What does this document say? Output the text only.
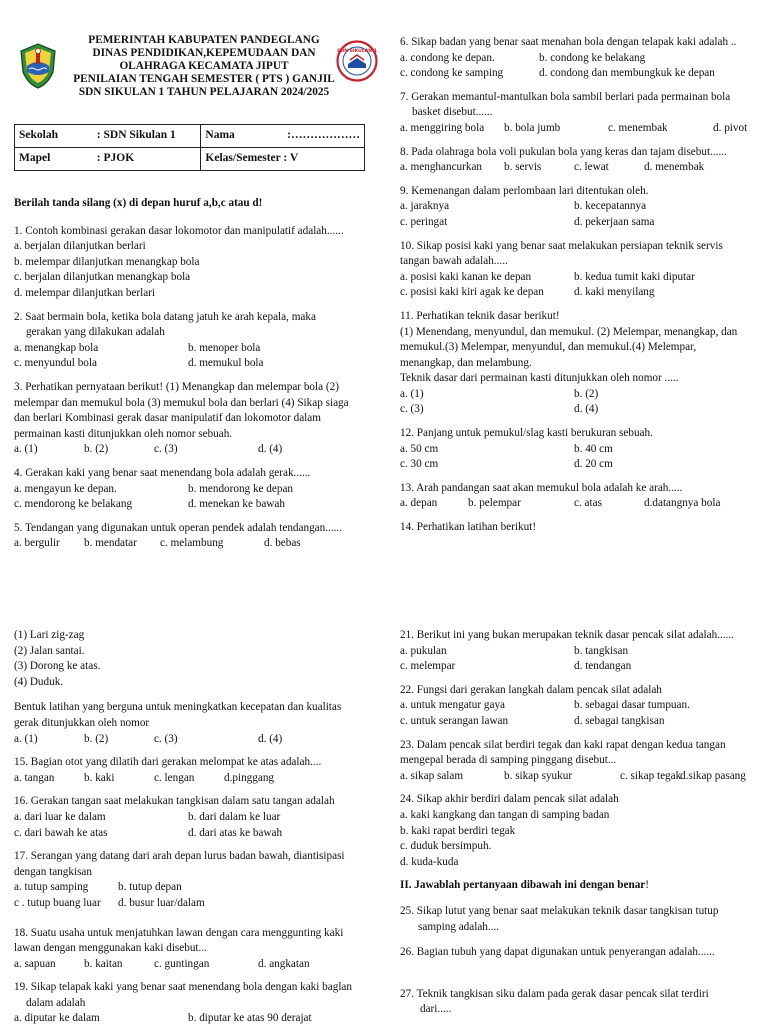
PEMERINTAH KABUPATEN PANDEGLANG
DINAS PENDIDIKAN,KEPEMUDAAN DAN
OLAHRAGA KECAMATA JIPUT
PENILAIAN TENGAH SEMESTER ( PTS ) GANJIL
SDN SIKULAN 1 TAHUN PELAJARAN 2024/2025
SDN SIKULAN 1
Sekolah	: SDN Sikulan 1	Nama	:………………
Mapel	: PJOK	Kelas/Semester : V	
Berilah tanda silang (x) di depan huruf a,b,c atau d!
1. Contoh kombinasi gerakan dasar lokomotor dan manipulatif adalah......
a. berjalan dilanjutkan berlari
b. melempar dilanjutkan menangkap bola
c. berjalan dilanjutkan menangkap bola
d. melempar dilanjutkan berlari
2. Saat bermain bola, ketika bola datang jatuh ke arah kepala, maka
gerakan yang dilakukan adalah
a. menangkap bola	b. menoper bola
c. menyundul bola	d. memukul bola
3. Perhatikan pernyataan berikut! (1) Menangkap dan melempar bola (2) melempar dan memukul bola (3) memukul bola dan berlari (4) Sikap siaga dan berlari Kombinasi gerak dasar manipulatif dan lokomotor dalam permainan kasti ditunjukkan oleh nomor sebuah.
a. (1)	b. (2)	c. (3)	d. (4)
4. Gerakan kaki yang benar saat menendang bola adalah gerak......
a. mengayun ke depan.	b. mendorong ke depan
c. mendorong ke belakang	d. menekan ke bawah
5. Tendangan yang digunakan untuk operan pendek adalah tendangan......
a. bergulir	b. mendatar	c. melambung	d. bebas
6. Sikap badan yang benar saat menahan bola dengan telapak kaki adalah ..
a. condong ke depan.	b. condong ke belakang
c. condong ke samping	d. condong dan membungkuk ke depan
7. Gerakan memantul-mantulkan bola sambil berlari pada permainan bola
basket disebut......
a. menggiring bola	b. bola jumb	c. menembak	d. pivot
8. Pada olahraga bola voli pukulan bola yang keras dan tajam disebut......
a. menghancurkan	b. servis	c. lewat	d. menembak
9. Kemenangan dalam perlombaan lari ditentukan oleh.
a. jaraknya	b. kecepatannya
c. peringat	d. pekerjaan sama
10. Sikap posisi kaki yang benar saat melakukan persiapan teknik servis tangan bawah adalah.....
a. posisi kaki kanan ke depan	b. kedua tumit kaki diputar
c. posisi kaki kiri agak ke depan	d. kaki menyilang
11. Perhatikan teknik dasar berikut!
(1) Menendang, menyundul, dan memukul. (2) Melempar, menangkap, dan memukul.(3) Melempar, menyundul, dan memukul.(4) Melempar, menangkap, dan melambung.
Teknik dasar dari permainan kasti ditunjukkan oleh nomor .....
a. (1)	b. (2)
c. (3)	d. (4)
12. Panjang untuk pemukul/slag kasti berukuran sebuah.
a. 50 cm	b. 40 cm
c. 30 cm	d. 20 cm
13. Arah pandangan saat akan memukul bola adalah ke arah.....
a. depan	b. pelempar	c. atas	d.datangnya bola
14. Perhatikan latihan berikut!
(1) Lari zig-zag
(2) Jalan santai.
(3) Dorong ke atas.
(4) Duduk.
Bentuk latihan yang berguna untuk meningkatkan kecepatan dan kualitas gerak ditunjukkan oleh nomor
a. (1)	b. (2)	c. (3)	d. (4)
15. Bagian otot yang dilatih dari gerakan melompat ke atas adalah....
a. tangan	b. kaki	c. lengan	d.pinggang
16. Gerakan tangan saat melakukan tangkisan dalam satu tangan adalah
a. dari luar ke dalam	b. dari dalam ke luar
c. dari bawah ke atas	d. dari atas ke bawah
17. Serangan yang datang dari arah depan lurus badan bawah, diantisipasi dengan tangkisan
a. tutup samping	b. tutup depan
c . tutup buang luar	d. busur luar/dalam
18. Suatu usaha untuk menjatuhkan lawan dengan cara menggunting kaki lawan dengan menggunakan kaki disebut...
a. sapuan	b. kaitan	c. guntingan	d. angkatan
19. Sikap telapak kaki yang benar saat menendang bola dengan kaki baglan
dalam adalah
a. diputar ke dalam	b. diputar ke atas 90 derajat
21. Berikut ini yang bukan merupakan teknik dasar pencak silat adalah......
a. pukulan	b. tangkisan
c. melempar	d. tendangan
22. Fungsi dari gerakan langkah dalam pencak silat adalah
a. untuk mengatur gaya	b. sebagai dasar tumpuan.
c. untuk serangan lawan	d. sebagai tangkisan
23. Dalam pencak silat berdiri tegak dan kaki rapat dengan kedua tangan mengepal berada di samping pinggang disebut...
a. sikap salam	b. sikap syukur	c. sikap tegak
d.sikap pasang
24. Sikap akhir berdiri dalam pencak silat adalah
a. kaki kangkang dan tangan di samping badan
b. kaki rapat berdiri tegak
c. duduk bersimpuh.
d. kuda-kuda
II. Jawablah pertanyaan dibawah ini dengan benar!
25. Sikap lutut yang benar saat melakukan teknik dasar tangkisan tutup
samping adalah....
26. Bagian tubuh yang dapat digunakan untuk penyerangan adalah......
27. Teknik tangkisan siku dalam pada gerak dasar pencak silat terdiri
dari.....
